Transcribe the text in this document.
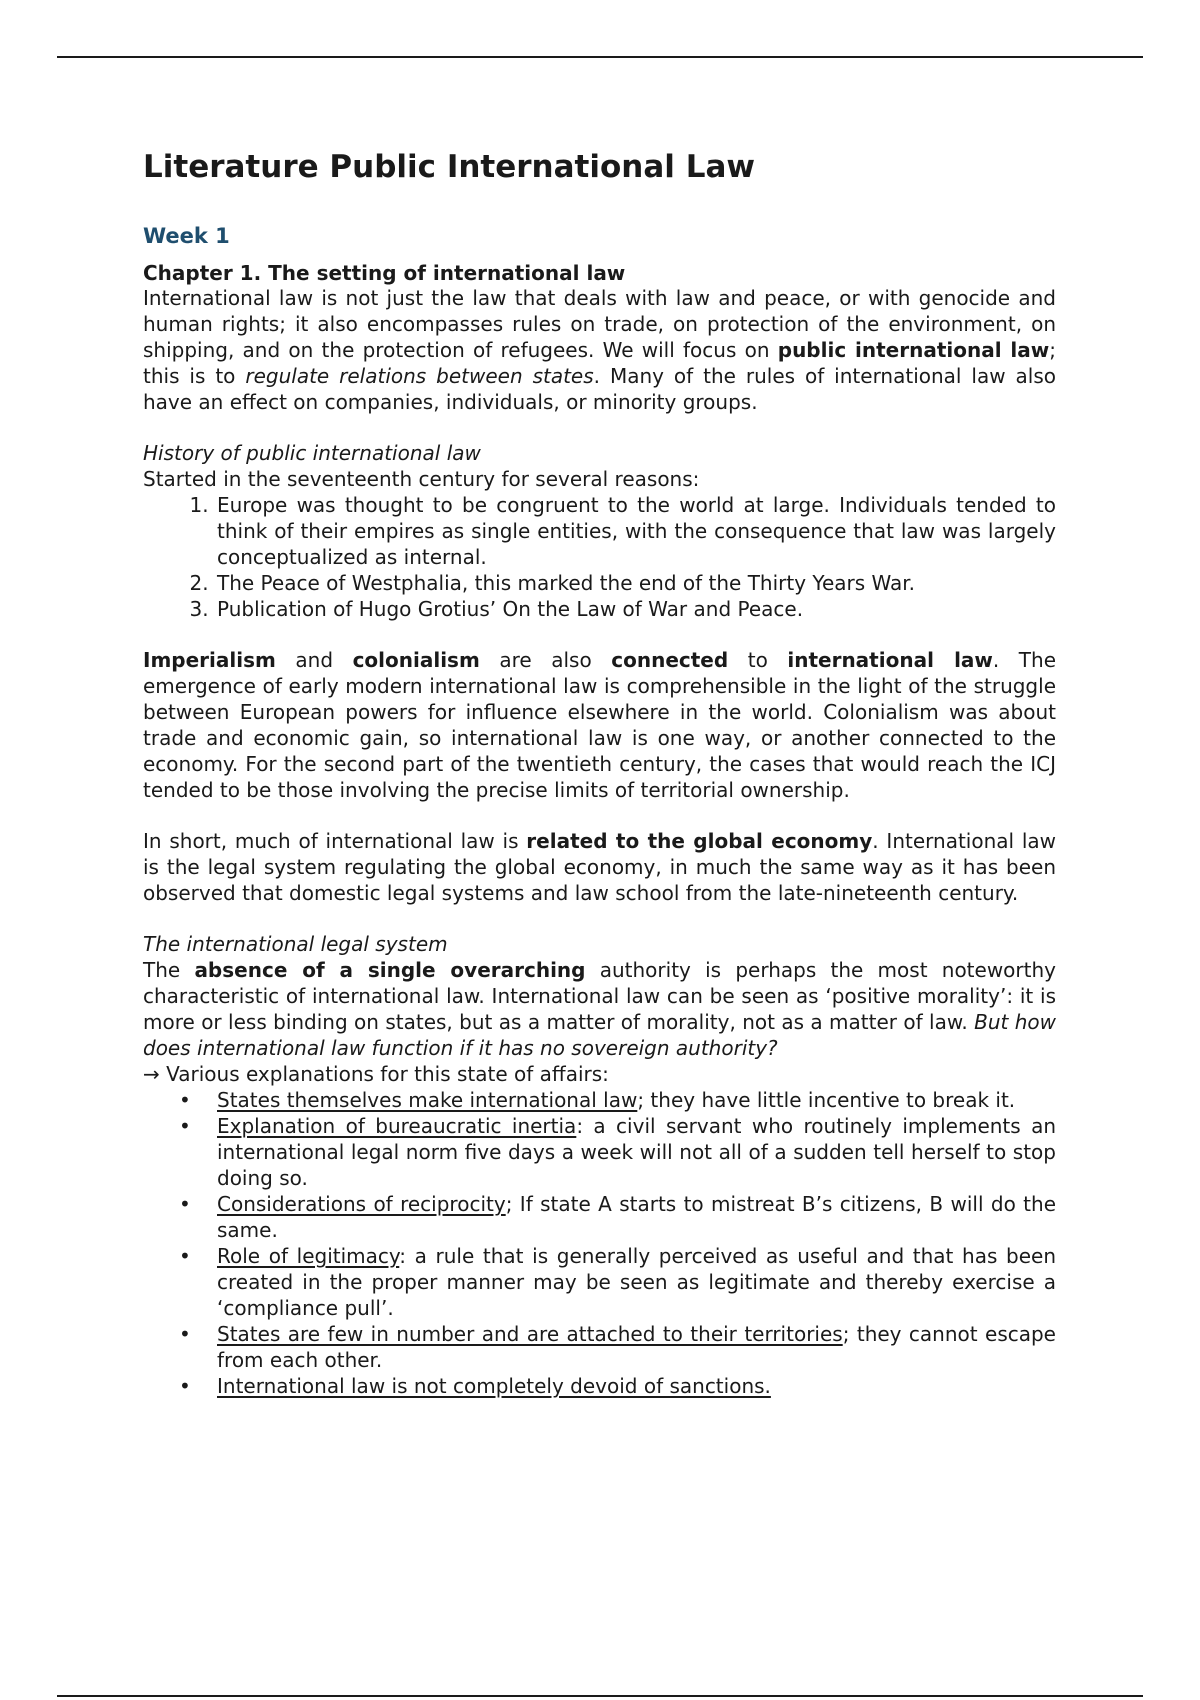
Literature Public International Law
Week 1
Chapter 1. The setting of international law

International law is not just the law that deals with law and peace, or with genocide and human rights; it also encompasses rules on trade, on protection of the environment, on shipping, and on the protection of refugees. We will focus on public international law; this is to regulate relations between states. Many of the rules of international law also have an effect on companies, individuals, or minority groups.

History of public international law

Started in the seventeenth century for several reasons:

1. Europe was thought to be congruent to the world at large. Individuals tended to think of their empires as single entities, with the consequence that law was largely conceptualized as internal.
2. The Peace of Westphalia, this marked the end of the Thirty Years War.
3. Publication of Hugo Grotius’ On the Law of War and Peace.

Imperialism and colonialism are also connected to international law. The emergence of early modern international law is comprehensible in the light of the struggle between European powers for influence elsewhere in the world. Colonialism was about trade and economic gain, so international law is one way, or another connected to the economy. For the second part of the twentieth century, the cases that would reach the ICJ tended to be those involving the precise limits of territorial ownership.

In short, much of international law is related to the global economy. International law is the legal system regulating the global economy, in much the same way as it has been observed that domestic legal systems and law school from the late-nineteenth century.

The international legal system

The absence of a single overarching authority is perhaps the most noteworthy characteristic of international law. International law can be seen as ‘positive morality’: it is more or less binding on states, but as a matter of morality, not as a matter of law. But how does international law function if it has no sovereign authority?

→ Various explanations for this state of affairs:

• States themselves make international law; they have little incentive to break it.
• Explanation of bureaucratic inertia: a civil servant who routinely implements an international legal norm five days a week will not all of a sudden tell herself to stop doing so.
• Considerations of reciprocity; If state A starts to mistreat B’s citizens, B will do the same.
• Role of legitimacy: a rule that is generally perceived as useful and that has been created in the proper manner may be seen as legitimate and thereby exercise a ‘compliance pull’.
• States are few in number and are attached to their territories; they cannot escape from each other.
• International law is not completely devoid of sanctions.
